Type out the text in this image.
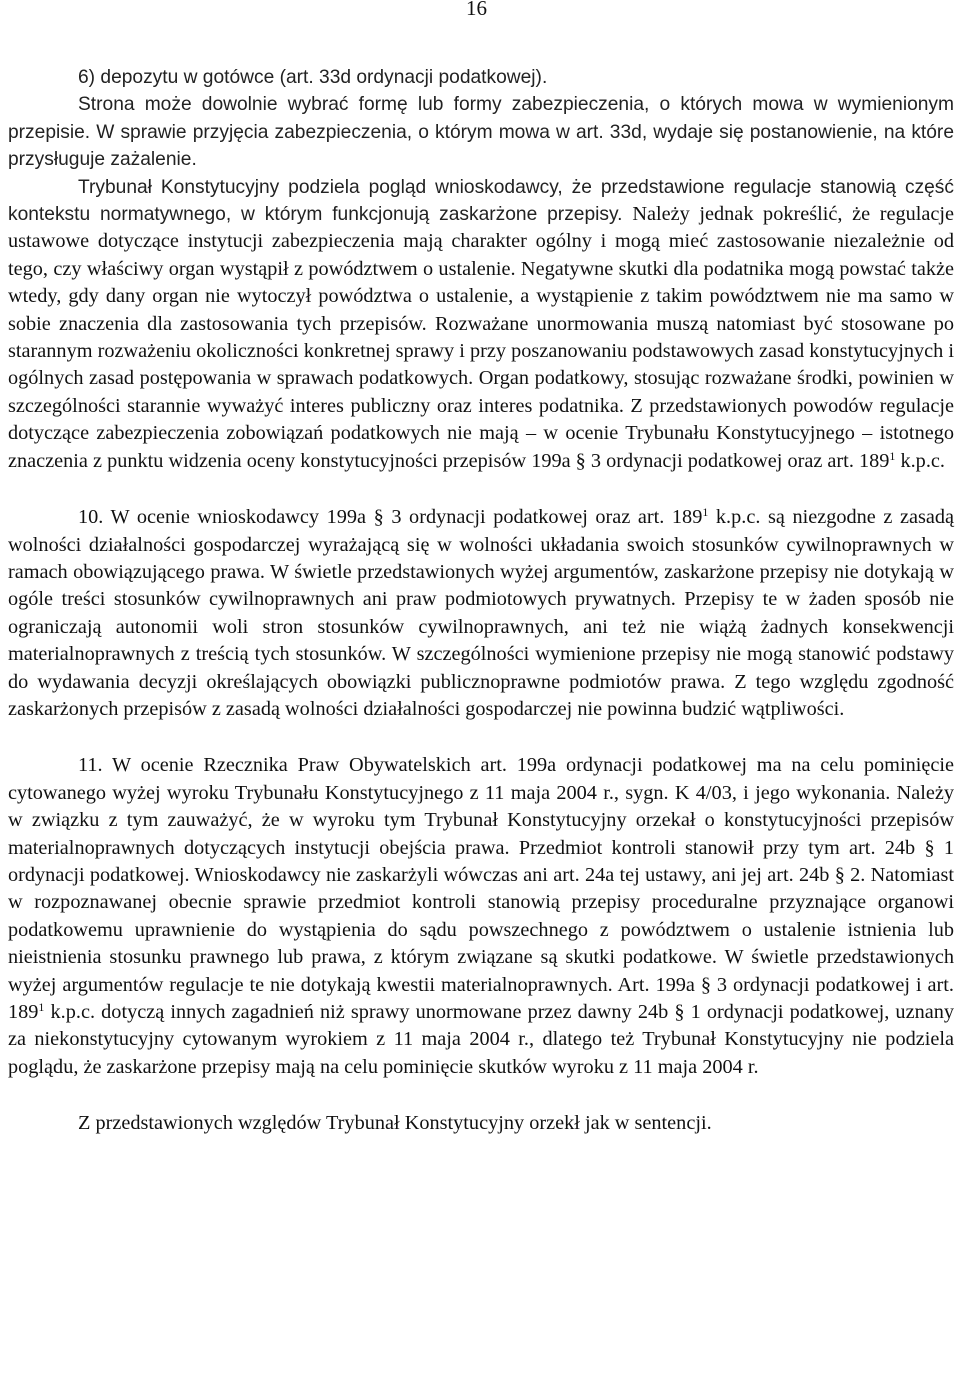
16

6) depozytu w gotówce (art. 33d ordynacji podatkowej).

Strona może dowolnie wybrać formę lub formy zabezpieczenia, o których mowa w wymienionym przepisie. W sprawie przyjęcia zabezpieczenia, o którym mowa w art. 33d, wydaje się postanowienie, na które przysługuje zażalenie.

Trybunał Konstytucyjny podziela pogląd wnioskodawcy, że przedstawione regulacje stanowią część kontekstu normatywnego, w którym funkcjonują zaskarżone przepisy. Należy jednak pokreślić, że regulacje ustawowe dotyczące instytucji zabezpieczenia mają charakter ogólny i mogą mieć zastosowanie niezależnie od tego, czy właściwy organ wystąpił z powództwem o ustalenie. Negatywne skutki dla podatnika mogą powstać także wtedy, gdy dany organ nie wytoczył powództwa o ustalenie, a wystąpienie z takim powództwem nie ma samo w sobie znaczenia dla zastosowania tych przepisów. Rozważane unormowania muszą natomiast być stosowane po starannym rozważeniu okoliczności konkretnej sprawy i przy poszanowaniu podstawowych zasad konstytucyjnych i ogólnych zasad postępowania w sprawach podatkowych. Organ podatkowy, stosując rozważane środki, powinien w szczególności starannie wyważyć interes publiczny oraz interes podatnika. Z przedstawionych powodów regulacje dotyczące zabezpieczenia zobowiązań podatkowych nie mają – w ocenie Trybunału Konstytucyjnego – istotnego znaczenia z punktu widzenia oceny konstytucyjności przepisów 199a § 3 ordynacji podatkowej oraz art. $189^1$ k.p.c.

10. W ocenie wnioskodawcy 199a § 3 ordynacji podatkowej oraz art. $189^1$ k.p.c. są niezgodne z zasadą wolności działalności gospodarczej wyrażającą się w wolności układania swoich stosunków cywilnoprawnych w ramach obowiązującego prawa. W świetle przedstawionych wyżej argumentów, zaskarżone przepisy nie dotykają w ogóle treści stosunków cywilnoprawnych ani praw podmiotowych prywatnych. Przepisy te w żaden sposób nie ograniczają autonomii woli stron stosunków cywilnoprawnych, ani też nie wiążą żadnych konsekwencji materialnoprawnych z treścią tych stosunków. W szczególności wymienione przepisy nie mogą stanowić podstawy do wydawania decyzji określających obowiązki publicznoprawne podmiotów prawa. Z tego względu zgodność zaskarżonych przepisów z zasadą wolności działalności gospodarczej nie powinna budzić wątpliwości.

11. W ocenie Rzecznika Praw Obywatelskich art. 199a ordynacji podatkowej ma na celu pominięcie cytowanego wyżej wyroku Trybunału Konstytucyjnego z 11 maja 2004 r., sygn. K 4/03, i jego wykonania. Należy w związku z tym zauważyć, że w wyroku tym Trybunał Konstytucyjny orzekał o konstytucyjności przepisów materialnoprawnych dotyczących instytucji obejścia prawa. Przedmiot kontroli stanowił przy tym art. 24b § 1 ordynacji podatkowej. Wnioskodawcy nie zaskarżyli wówczas ani art. 24a tej ustawy, ani jej art. 24b § 2. Natomiast w rozpoznawanej obecnie sprawie przedmiot kontroli stanowią przepisy proceduralne przyznające organowi podatkowemu uprawnienie do wystąpienia do sądu powszechnego z powództwem o ustalenie istnienia lub nieistnienia stosunku prawnego lub prawa, z którym związane są skutki podatkowe. W świetle przedstawionych wyżej argumentów regulacje te nie dotykają kwestii materialnoprawnych. Art. 199a § 3 ordynacji podatkowej i art. $189^1$ k.p.c. dotyczą innych zagadnień niż sprawy unormowane przez dawny 24b § 1 ordynacji podatkowej, uznany za niekonstytucyjny cytowanym wyrokiem z 11 maja 2004 r., dlatego też Trybunał Konstytucyjny nie podziela poglądu, że zaskarżone przepisy mają na celu pominięcie skutków wyroku z 11 maja 2004 r.

Z przedstawionych względów Trybunał Konstytucyjny orzekł jak w sentencji.
